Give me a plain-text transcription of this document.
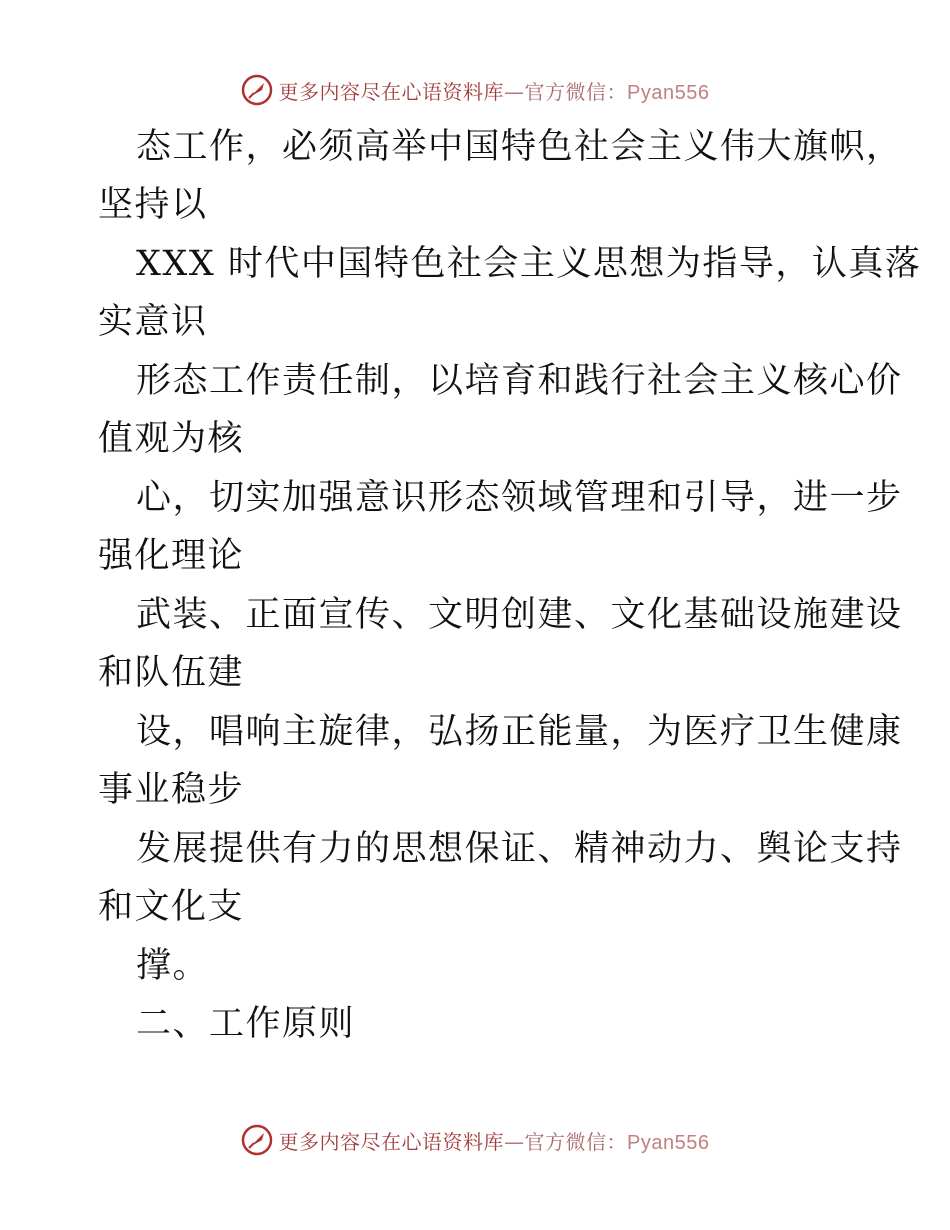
更多内容尽在心语资料库—官方微信：Pyan556
态工作，必须高举中国特色社会主义伟大旗帜，
坚持以
XXX 时代中国特色社会主义思想为指导，认真落
实意识
形态工作责任制，以培育和践行社会主义核心价
值观为核
心，切实加强意识形态领域管理和引导，进一步
强化理论
武装、正面宣传、文明创建、文化基础设施建设
和队伍建
设，唱响主旋律，弘扬正能量，为医疗卫生健康
事业稳步
发展提供有力的思想保证、精神动力、舆论支持
和文化支
撑。
二、工作原则
更多内容尽在心语资料库—官方微信：Pyan556
